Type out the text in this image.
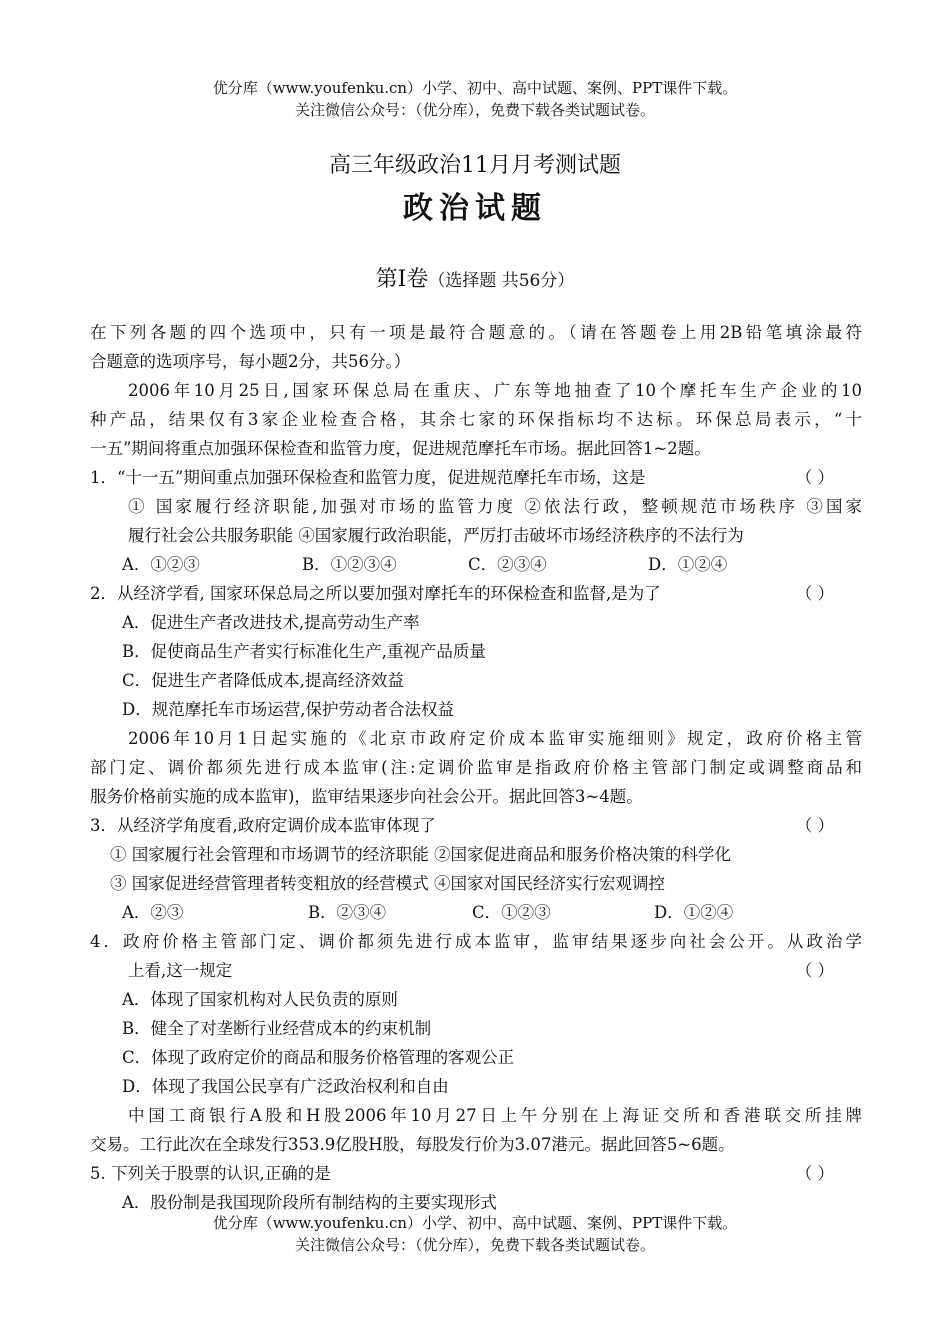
优分库（www.youfenku.cn）小学、初中、高中试题、案例、PPT课件下载。
关注微信公众号：（优分库），免费下载各类试题试卷。
高三年级政治11月月考测试题
政治试题
第Ⅰ卷（选择题 共56分）
在下列各题的四个选项中，只有一项是最符合题意的。（请在答题卷上用2B铅笔填涂最符
合题意的选项序号，每小题2分，共56分。）
2006年10月25日,国家环保总局在重庆、广东等地抽查了10个摩托车生产企业的10
种产品，结果仅有3家企业检查合格，其余七家的环保指标均不达标。环保总局表示，“十
一五”期间将重点加强环保检查和监管力度，促进规范摩托车市场。据此回答1~2题。
1．“十一五”期间重点加强环保检查和监管力度，促进规范摩托车市场，这是	（ ）
① 国家履行经济职能,加强对市场的监管力度 ②依法行政，整顿规范市场秩序 ③国家
履行社会公共服务职能 ④国家履行政治职能，严厉打击破坏市场经济秩序的不法行为
A．①②③	B．①②③④	C．②③④	D．①②④
2．从经济学看, 国家环保总局之所以要加强对摩托车的环保检查和监督,是为了	（ ）
A．促进生产者改进技术,提高劳动生产率
B．促使商品生产者实行标准化生产,重视产品质量
C．促进生产者降低成本,提高经济效益
D．规范摩托车市场运营,保护劳动者合法权益
2006年10月1日起实施的《北京市政府定价成本监审实施细则》规定，政府价格主管
部门定、调价都须先进行成本监审(注:定调价监审是指政府价格主管部门制定或调整商品和
服务价格前实施的成本监审)，监审结果逐步向社会公开。据此回答3~4题。
3．从经济学角度看,政府定调价成本监审体现了	（ ）
① 国家履行社会管理和市场调节的经济职能 ②国家促进商品和服务价格决策的科学化
③ 国家促进经营管理者转变粗放的经营模式 ④国家对国民经济实行宏观调控
A．②③	B．②③④	C．①②③	D．①②④
4．政府价格主管部门定、调价都须先进行成本监审，监审结果逐步向社会公开。从政治学
上看,这一规定	（ ）
A．体现了国家机构对人民负责的原则
B．健全了对垄断行业经营成本的约束机制
C．体现了政府定价的商品和服务价格管理的客观公正
D．体现了我国公民享有广泛政治权利和自由
中国工商银行A股和H股2006年10月27日上午分别在上海证交所和香港联交所挂牌
交易。工行此次在全球发行353.9亿股H股，每股发行价为3.07港元。据此回答5~6题。
5. 下列关于股票的认识,正确的是	（ ）
A．股份制是我国现阶段所有制结构的主要实现形式
优分库（www.youfenku.cn）小学、初中、高中试题、案例、PPT课件下载。
关注微信公众号：（优分库），免费下载各类试题试卷。
